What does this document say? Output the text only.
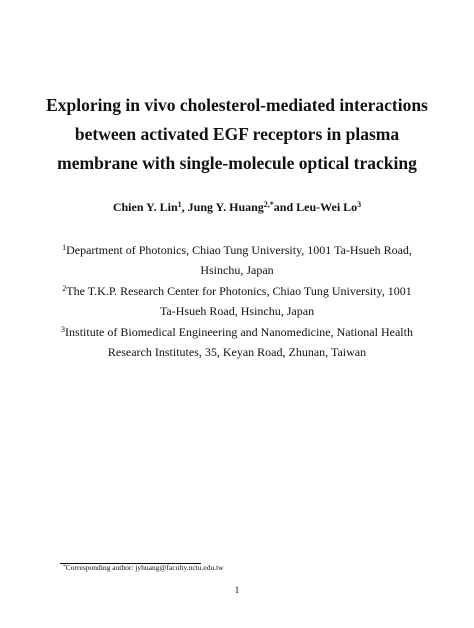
Exploring in vivo cholesterol-mediated interactions
between activated EGF receptors in plasma
membrane with single-molecule optical tracking
Chien Y. Lin$^1$, Jung Y. Huang$^{2,*}$and Leu-Wei Lo$^3$
$^1$Department of Photonics, Chiao Tung University, 1001 Ta-Hsueh Road,
Hsinchu, Japan
$^2$The T.K.P. Research Center for Photonics, Chiao Tung University, 1001
Ta-Hsueh Road, Hsinchu, Japan
$^3$Institute of Biomedical Engineering and Nanomedicine, National Health
Research Institutes, 35, Keyan Road, Zhunan, Taiwan
*Corresponding author: jyhuang@faculty.nctu.edu.tw
1
